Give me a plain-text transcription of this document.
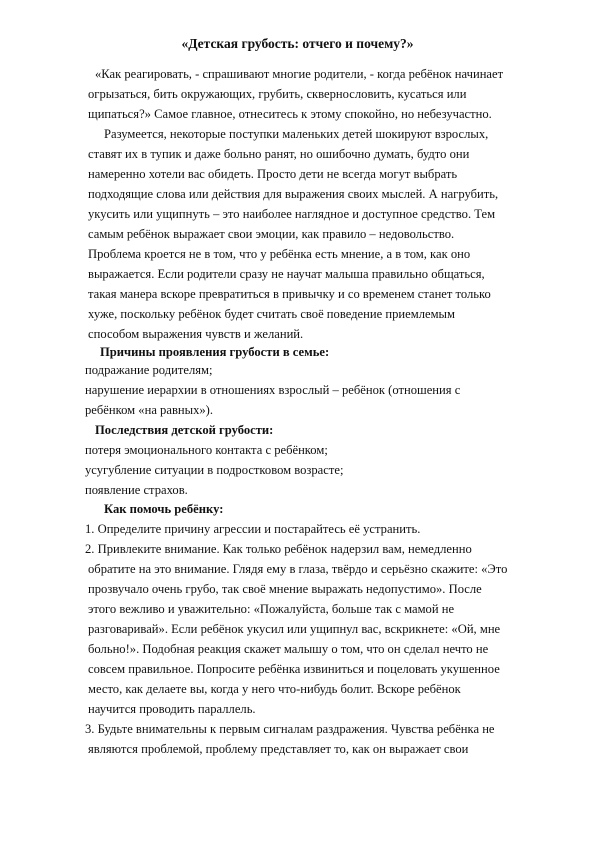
«Детская грубость: отчего и почему?»
«Как реагировать, - спрашивают многие родители, - когда ребёнок начинает
огрызаться, бить окружающих, грубить, сквернословить, кусаться или
щипаться?» Самое главное, отнеситесь к этому спокойно, но небезучастно.
Разумеется, некоторые поступки маленьких детей шокируют взрослых,
ставят их в тупик и даже больно ранят, но ошибочно думать, будто они
намеренно хотели вас обидеть. Просто дети не всегда могут выбрать
подходящие слова или действия для выражения своих мыслей. А нагрубить,
укусить или ущипнуть – это наиболее наглядное и доступное средство. Тем
самым ребёнок выражает свои эмоции, как правило – недовольство.
Проблема кроется не в том, что у ребёнка есть мнение, а в том, как оно
выражается. Если родители сразу не научат малыша правильно общаться,
такая манера вскоре превратиться в привычку и со временем станет только
хуже, поскольку ребёнок будет считать своё поведение приемлемым
способом выражения чувств и желаний.
Причины проявления грубости в семье:
подражание родителям;
нарушение иерархии в отношениях взрослый – ребёнок (отношения с
ребёнком «на равных»).
Последствия детской грубости:
потеря эмоционального контакта с ребёнком;
усугубление ситуации в подростковом возрасте;
появление страхов.
Как помочь ребёнку:
1. Определите причину агрессии и постарайтесь её устранить.
2. Привлеките внимание. Как только ребёнок надерзил вам, немедленно
обратите на это внимание. Глядя ему в глаза, твёрдо и серьёзно скажите: «Это
прозвучало очень грубо, так своё мнение выражать недопустимо». После
этого вежливо и уважительно: «Пожалуйста, больше так с мамой не
разговаривай». Если ребёнок укусил или ущипнул вас, вскрикнете: «Ой, мне
больно!». Подобная реакция скажет малышу о том, что он сделал нечто не
совсем правильное. Попросите ребёнка извиниться и поцеловать укушенное
место, как делаете вы, когда у него что-нибудь болит. Вскоре ребёнок
научится проводить параллель.
3. Будьте внимательны к первым сигналам раздражения. Чувства ребёнка не
являются проблемой, проблему представляет то, как он выражает свои
